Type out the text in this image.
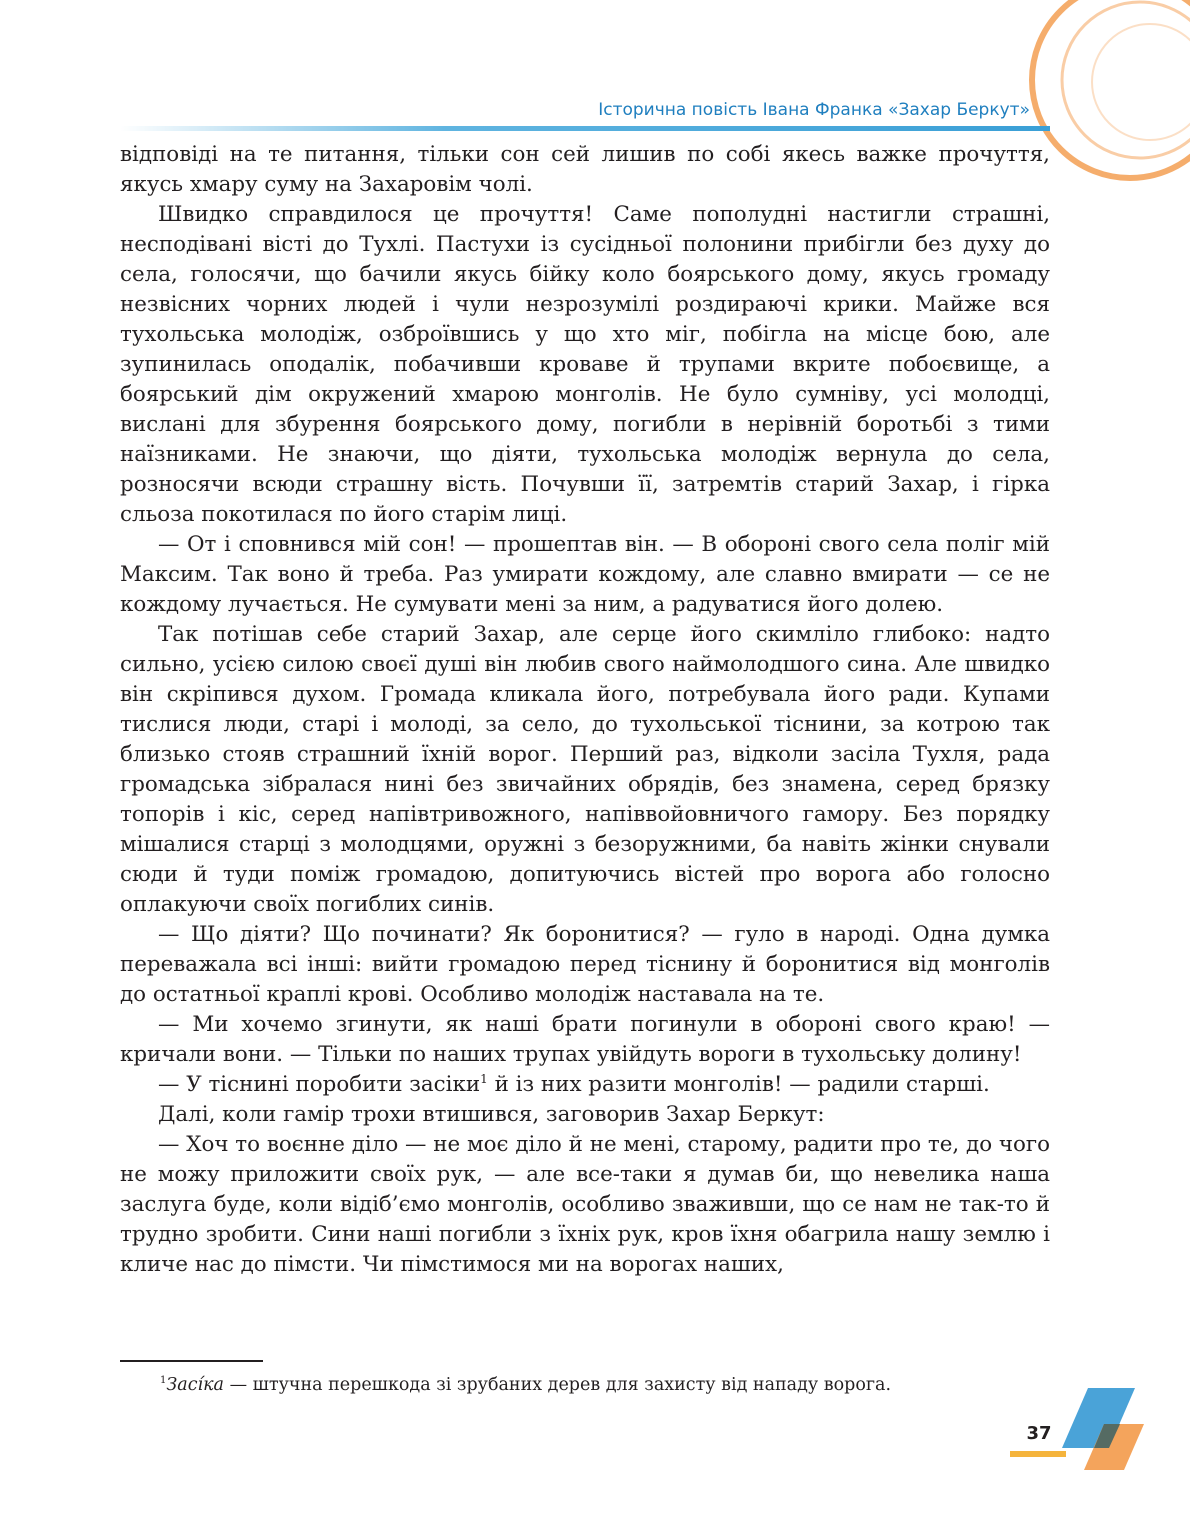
Історична повість Івана Франка «Захар Беркут»

відповіді на те питання, тільки сон сей лишив по собі якесь важке прочуття, якусь хмару суму на Захаровім чолі.

Швидко справдилося це прочуття! Саме пополудні настигли страшні, несподівані вісті до Тухлі. Пастухи із сусідньої полонини прибігли без духу до села, голосячи, що бачили якусь бійку коло боярського дому, якусь громаду незвісних чорних людей і чули незрозумілі роздираючі крики. Майже вся тухольська молодіж, озброївшись у що хто міг, побігла на місце бою, але зупинилась оподалік, побачивши кроваве й трупами вкрите побоєвище, а боярський дім окружений хмарою монголів. Не було сумніву, усі молодці, вислані для збурення боярського дому, погибли в нерівній боротьбі з тими наїзниками. Не знаючи, що діяти, тухольська молодіж вернула до села, розносячи всюди страшну вість. Почувши її, затремтів старий Захар, і гірка сльоза покотилася по його старім лиці.

— От і сповнився мій сон! — прошептав він. — В обороні свого села поліг мій Максим. Так воно й треба. Раз умирати кождому, але славно вмирати — се не кождому лучається. Не сумувати мені за ним, а радуватися його долею.

Так потішав себе старий Захар, але серце його скимліло глибоко: надто сильно, усією силою своєї душі він любив свого наймолодшого сина. Але швидко він скріпився духом. Громада кликала його, потребувала його ради. Купами тислися люди, старі і молоді, за село, до тухольської тіснини, за котрою так близько стояв страшний їхній ворог. Перший раз, відколи засіла Тухля, рада громадська зібралася нині без звичайних обрядів, без знамена, серед брязку топорів і кіс, серед напівтривожного, напіввойовничого гамору. Без порядку мішалися старці з молодцями, оружні з безоружними, ба навіть жінки снували сюди й туди поміж громадою, допитуючись вістей про ворога або голосно оплакуючи своїх погиблих синів.

— Що діяти? Що починати? Як боронитися? — гуло в народі. Одна думка переважала всі інші: вийти громадою перед тіснину й боронитися від монголів до остатньої краплі крові. Особливо молодіж наставала на те.

— Ми хочемо згинути, як наші брати погинули в обороні свого краю! — кричали вони. — Тільки по наших трупах увійдуть вороги в тухольську долину!

— У тіснині поробити засіки$^1$ й із них разити монголів! — радили старші.

Далі, коли гамір трохи втишився, заговорив Захар Беркут:

— Хоч то воєнне діло — не моє діло й не мені, старому, радити про те, до чого не можу приложити своїх рук, — але все-таки я думав би, що невелика наша заслуга буде, коли відіб’ємо монголів, особливо зваживши, що се нам не так-то й трудно зробити. Сини наші погибли з їхніх рук, кров їхня обагрила нашу землю і кличе нас до пімсти. Чи пімстимося ми на ворогах наших,

$^1$Засíка — штучна перешкода зі зрубаних дерев для захисту від нападу ворога.
37
